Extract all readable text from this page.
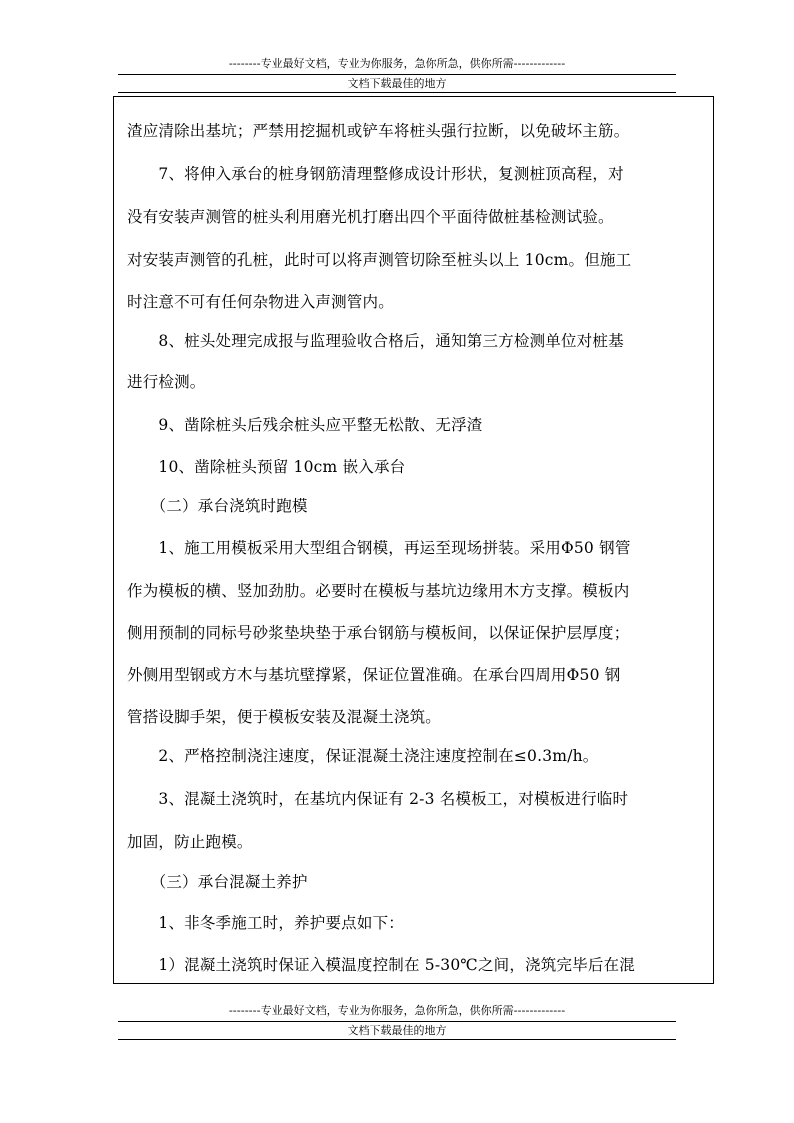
--------专业最好文档，专业为你服务，急你所急，供你所需-------------
文档下载最佳的地方
渣应清除出基坑；严禁用挖掘机或铲车将桩头强行拉断，以免破坏主筋。
　　7、将伸入承台的桩身钢筋清理整修成设计形状，复测桩顶高程，对
没有安装声测管的桩头利用磨光机打磨出四个平面待做桩基检测试验。
对安装声测管的孔桩，此时可以将声测管切除至桩头以上 10cm。但施工
时注意不可有任何杂物进入声测管内。
　　8、桩头处理完成报与监理验收合格后，通知第三方检测单位对桩基
进行检测。
　　9、凿除桩头后残余桩头应平整无松散、无浮渣
　　10、凿除桩头预留 10cm 嵌入承台
　　（二）承台浇筑时跑模
　　1、施工用模板采用大型组合钢模，再运至现场拼装。采用Φ50 钢管
作为模板的横、竖加劲肋。必要时在模板与基坑边缘用木方支撑。模板内
侧用预制的同标号砂浆垫块垫于承台钢筋与模板间，以保证保护层厚度；
外侧用型钢或方木与基坑壁撑紧，保证位置准确。在承台四周用Φ50 钢
管搭设脚手架，便于模板安装及混凝土浇筑。
　　2、严格控制浇注速度，保证混凝土浇注速度控制在≤0.3m/h。
　　3、混凝土浇筑时，在基坑内保证有 2-3 名模板工，对模板进行临时
加固，防止跑模。
　　（三）承台混凝土养护
　　1、非冬季施工时，养护要点如下：
　　1）混凝土浇筑时保证入模温度控制在 5-30℃之间，浇筑完毕后在混
--------专业最好文档，专业为你服务，急你所急，供你所需-------------
文档下载最佳的地方
